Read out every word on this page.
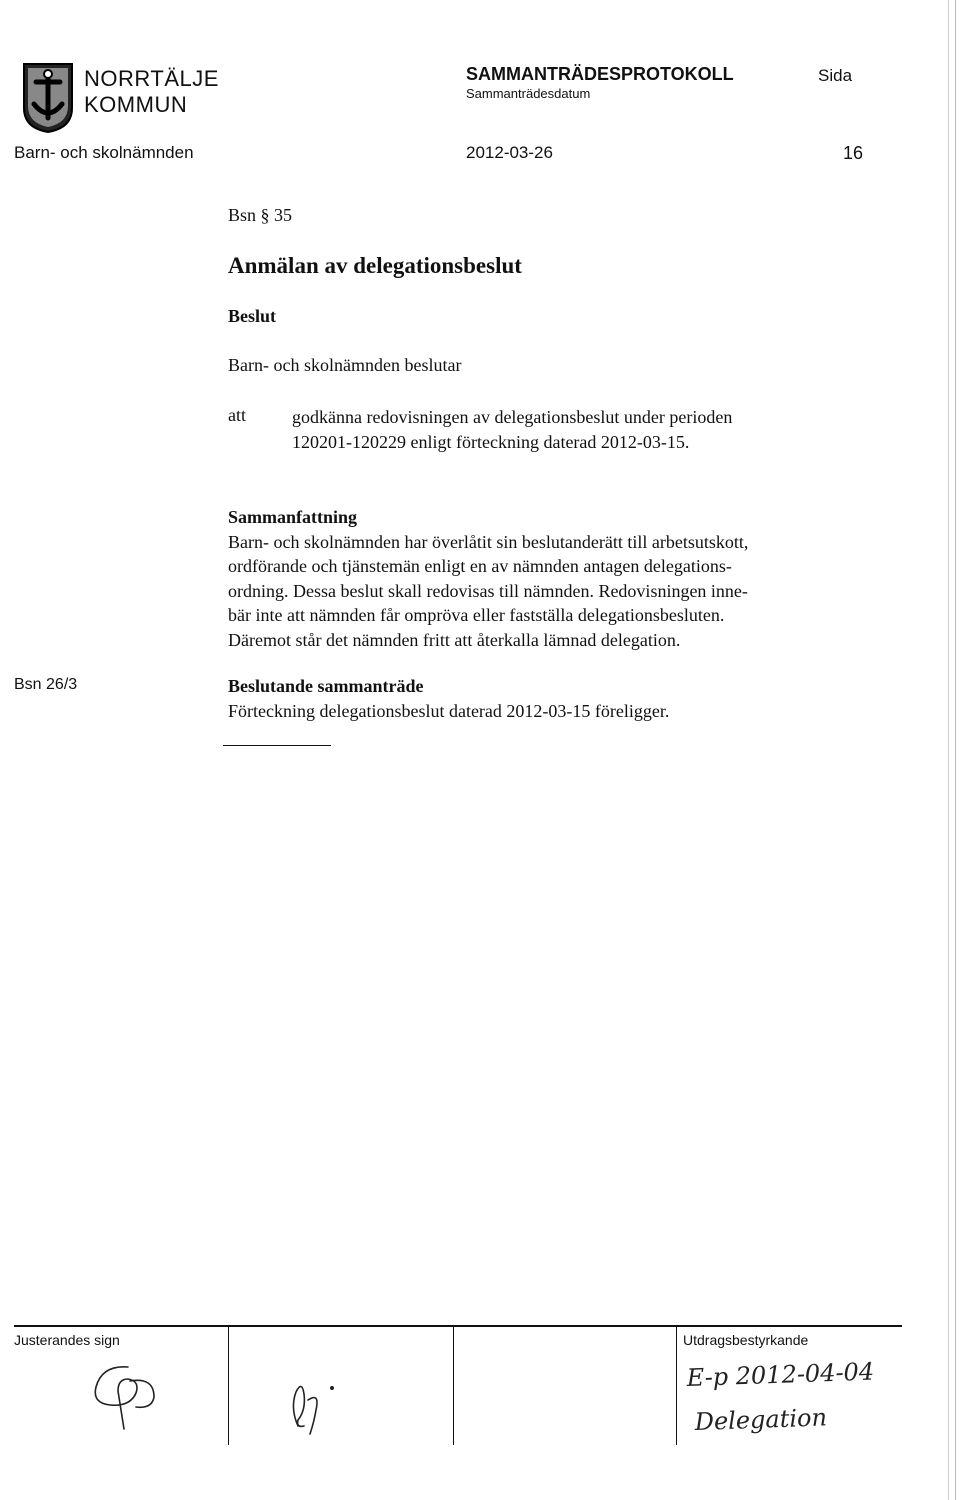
NORRTÄLJE
KOMMUN
SAMMANTRÄDESPROTOKOLL
Sammanträdesdatum
Sida
Barn- och skolnämnden	2012-03-26	16
Bsn § 35
Anmälan av delegationsbeslut
Beslut
Barn- och skolnämnden beslutar
att	godkänna redovisningen av delegationsbeslut under perioden
120201-120229 enligt förteckning daterad 2012-03-15.
Sammanfattning
Barn- och skolnämnden har överlåtit sin beslutanderätt till arbetsutskott,
ordförande och tjänstemän enligt en av nämnden antagen delegations-
ordning. Dessa beslut skall redovisas till nämnden. Redovisningen inne-
bär inte att nämnden får ompröva eller fastställa delegationsbesluten.
Däremot står det nämnden fritt att återkalla lämnad delegation.
Bsn 26/3	Beslutande sammanträde
Förteckning delegationsbeslut daterad 2012-03-15 föreligger.
Justerandes sign	Utdragsbestyrkande
E-p 2012-04-04
Delegation
